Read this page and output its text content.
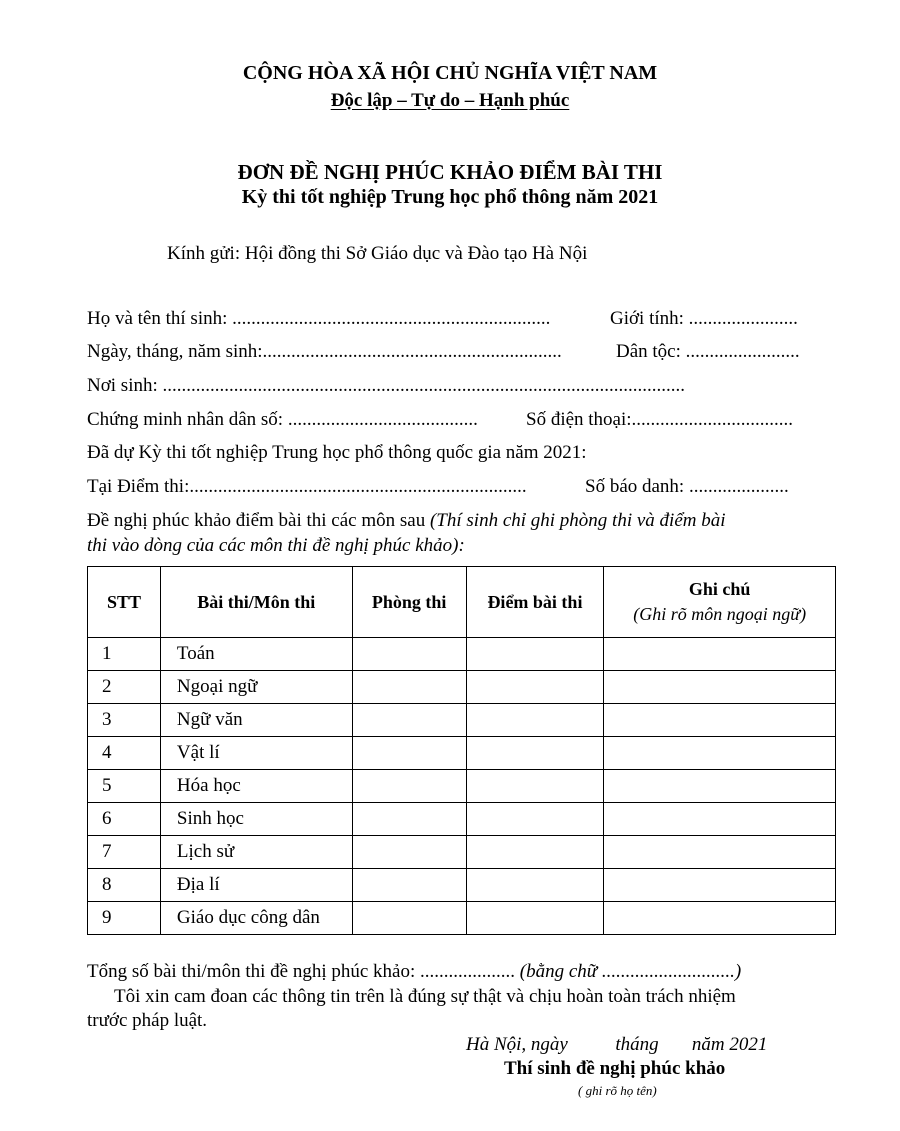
CỘNG HÒA XÃ HỘI CHỦ NGHĨA VIỆT NAM
Độc lập – Tự do – Hạnh phúc
ĐƠN ĐỀ NGHỊ PHÚC KHẢO ĐIỂM BÀI THI
Kỳ thi tốt nghiệp Trung học phổ thông năm 2021
Kính gửi: Hội đồng thi Sở Giáo dục và Đào tạo Hà Nội
Họ và tên thí sinh: ...................................................................	Giới tính: .......................
Ngày, tháng, năm sinh:...............................................................	Dân tộc: ........................
Nơi sinh: ..............................................................................................................
Chứng minh nhân dân số: ........................................	Số điện thoại:..................................
Đã dự Kỳ thi tốt nghiệp Trung học phổ thông quốc gia năm 2021:
Tại Điểm thi:.......................................................................	Số báo danh: .....................
Đề nghị phúc khảo điểm bài thi các môn sau (Thí sinh chỉ ghi phòng thi và điểm bài
thi vào dòng của các môn thi đề nghị phúc khảo):
STT	Bài thi/Môn thi	Phòng thi	Điểm bài thi	Ghi chú
(Ghi rõ môn ngoại ngữ)

1	Toán			
2	Ngoại ngữ			
3	Ngữ văn			
4	Vật lí			
5	Hóa học			
6	Sinh học			
7	Lịch sử			
8	Địa lí			
9	Giáo dục công dân			
Tổng số bài thi/môn thi đề nghị phúc khảo: .................... (bằng chữ ............................)
Tôi xin cam đoan các thông tin trên là đúng sự thật và chịu hoàn toàn trách nhiệm
trước pháp luật.
Hà Nội, ngày          tháng       năm 2021
Thí sinh đề nghị phúc khảo
( ghi rõ họ tên)
